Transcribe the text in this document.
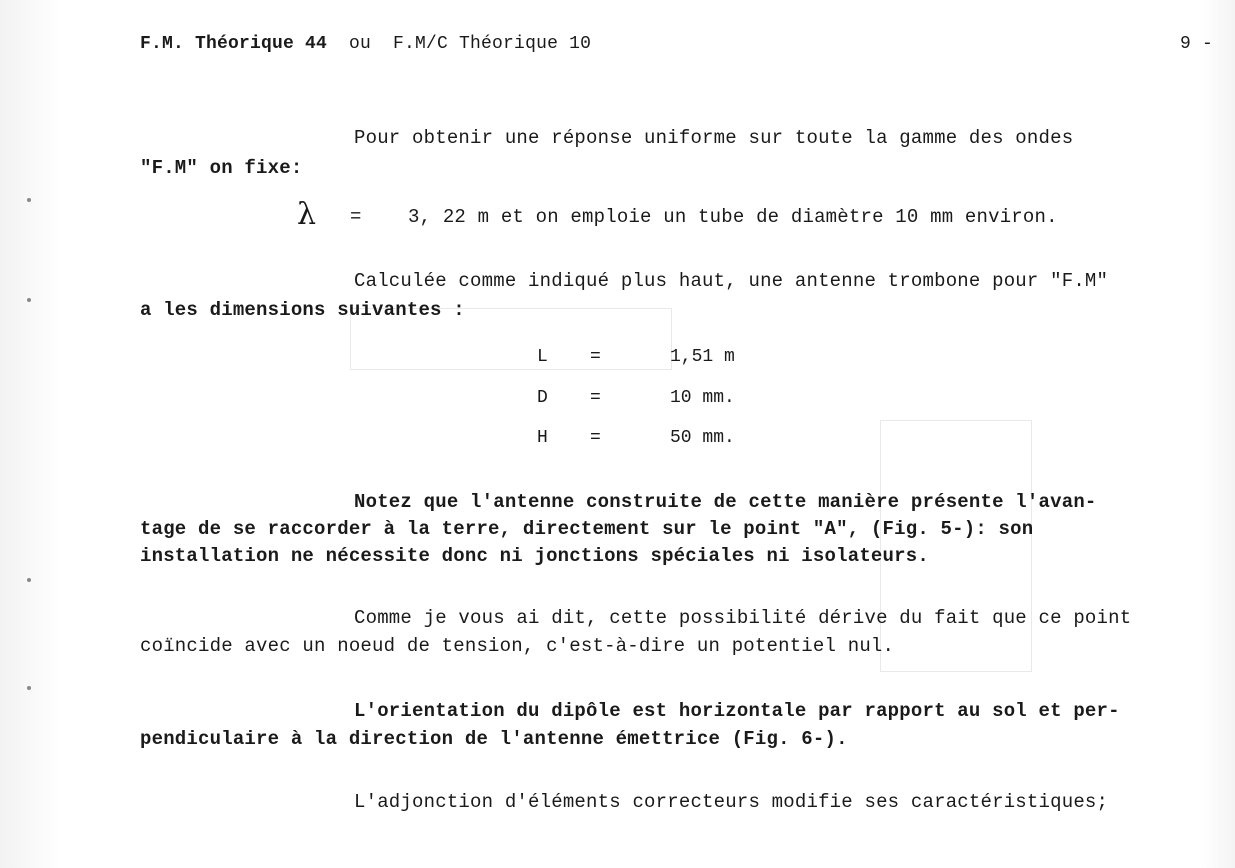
F.M. Théorique 44  ou  F.M/C Théorique 10	9 -
Pour obtenir une réponse uniforme sur toute la gamme des ondes
"F.M" on fixe:
λ =    3, 22 m et on emploie un tube de diamètre 10 mm environ.
Calculée comme indiqué plus haut, une antenne trombone pour "F.M"
a les dimensions suivantes :
L =	1,51 m
D =	10 mm.
H =	50 mm.
Notez que l'antenne construite de cette manière présente l'avan-
tage de se raccorder à la terre, directement sur le point "A", (Fig. 5-): son
installation ne nécessite donc ni jonctions spéciales ni isolateurs.
Comme je vous ai dit, cette possibilité dérive du fait que ce point
coïncide avec un noeud de tension, c'est-à-dire un potentiel nul.
L'orientation du dipôle est horizontale par rapport au sol et per-
pendiculaire à la direction de l'antenne émettrice (Fig. 6-).
L'adjonction d'éléments correcteurs modifie ses caractéristiques;
